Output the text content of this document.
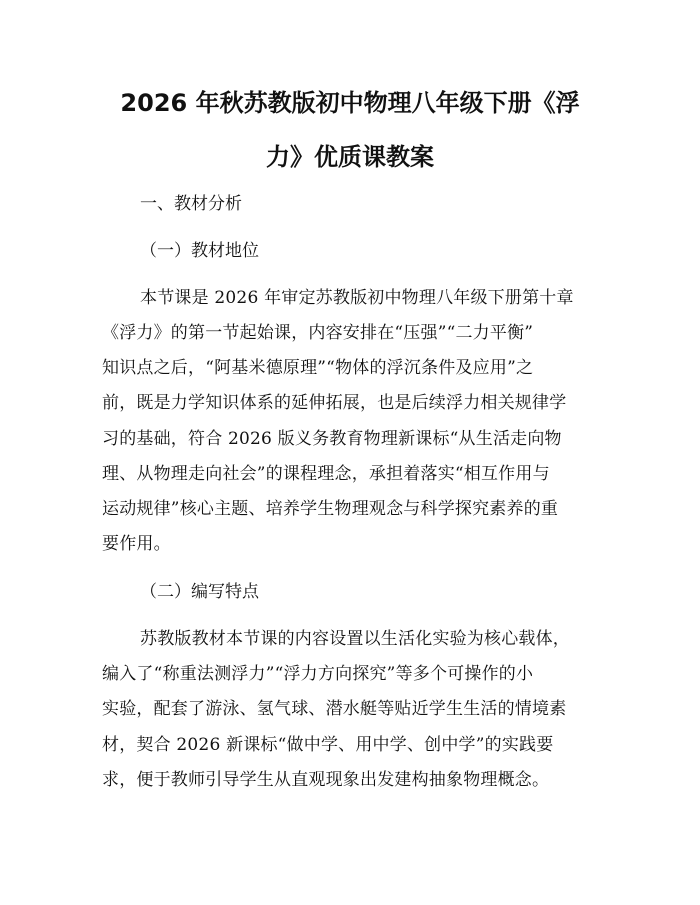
2026 年秋苏教版初中物理八年级下册《浮
力》优质课教案
一、教材分析
（一）教材地位
本节课是 2026 年审定苏教版初中物理八年级下册第十章
《浮力》的第一节起始课，内容安排在“压强”“二力平衡”
知识点之后，“阿基米德原理”“物体的浮沉条件及应用”之
前，既是力学知识体系的延伸拓展，也是后续浮力相关规律学
习的基础，符合 2026 版义务教育物理新课标“从生活走向物
理、从物理走向社会”的课程理念，承担着落实“相互作用与
运动规律”核心主题、培养学生物理观念与科学探究素养的重
要作用。
（二）编写特点
苏教版教材本节课的内容设置以生活化实验为核心载体，
编入了“称重法测浮力”“浮力方向探究”等多个可操作的小
实验，配套了游泳、氢气球、潜水艇等贴近学生生活的情境素
材，契合 2026 新课标“做中学、用中学、创中学”的实践要
求，便于教师引导学生从直观现象出发建构抽象物理概念。
